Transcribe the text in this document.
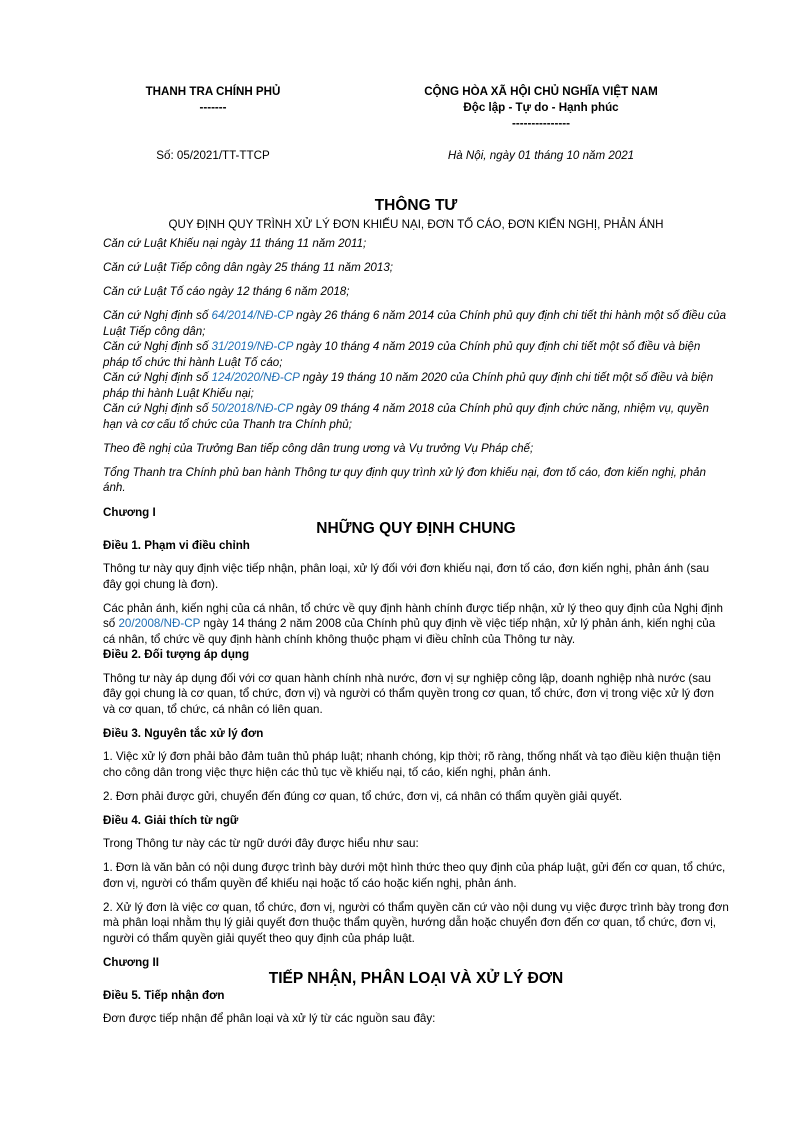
THANH TRA CHÍNH PHỦ
-------
CỘNG HÒA XÃ HỘI CHỦ NGHĨA VIỆT NAM
Độc lập - Tự do - Hạnh phúc
---------------
Số: 05/2021/TT-TTCP	Hà Nội, ngày 01 tháng 10 năm 2021
THÔNG TƯ
QUY ĐỊNH QUY TRÌNH XỬ LÝ ĐƠN KHIẾU NẠI, ĐƠN TỐ CÁO, ĐƠN KIẾN NGHỊ, PHẢN ÁNH

Căn cứ Luật Khiếu nại ngày 11 tháng 11 năm 2011;

Căn cứ Luật Tiếp công dân ngày 25 tháng 11 năm 2013;

Căn cứ Luật Tố cáo ngày 12 tháng 6 năm 2018;

Căn cứ Nghị định số 64/2014/NĐ-CP ngày 26 tháng 6 năm 2014 của Chính phủ quy định chi tiết thi hành một số điều của Luật Tiếp công dân;

Căn cứ Nghị định số 31/2019/NĐ-CP ngày 10 tháng 4 năm 2019 của Chính phủ quy định chi tiết một số điều và biện pháp tổ chức thi hành Luật Tố cáo;

Căn cứ Nghị định số 124/2020/NĐ-CP ngày 19 tháng 10 năm 2020 của Chính phủ quy định chi tiết một số điều và biện pháp thi hành Luật Khiếu nại;

Căn cứ Nghị định số 50/2018/NĐ-CP ngày 09 tháng 4 năm 2018 của Chính phủ quy định chức năng, nhiệm vụ, quyền hạn và cơ cấu tổ chức của Thanh tra Chính phủ;

Theo đề nghị của Trưởng Ban tiếp công dân trung ương và Vụ trưởng Vụ Pháp chế;

Tổng Thanh tra Chính phủ ban hành Thông tư quy định quy trình xử lý đơn khiếu nại, đơn tố cáo, đơn kiến nghị, phản ánh.

Chương I
NHỮNG QUY ĐỊNH CHUNG
Điều 1. Phạm vi điều chỉnh

Thông tư này quy định việc tiếp nhận, phân loại, xử lý đối với đơn khiếu nại, đơn tố cáo, đơn kiến nghị, phản ánh (sau đây gọi chung là đơn).

Các phản ánh, kiến nghị của cá nhân, tổ chức về quy định hành chính được tiếp nhận, xử lý theo quy định của Nghị định số 20/2008/NĐ-CP ngày 14 tháng 2 năm 2008 của Chính phủ quy định về việc tiếp nhận, xử lý phản ánh, kiến nghị của cá nhân, tổ chức về quy định hành chính không thuộc phạm vi điều chỉnh của Thông tư này.

Điều 2. Đối tượng áp dụng

Thông tư này áp dụng đối với cơ quan hành chính nhà nước, đơn vị sự nghiệp công lập, doanh nghiệp nhà nước (sau đây gọi chung là cơ quan, tổ chức, đơn vị) và người có thẩm quyền trong cơ quan, tổ chức, đơn vị trong việc xử lý đơn và cơ quan, tổ chức, cá nhân có liên quan.

Điều 3. Nguyên tắc xử lý đơn

1. Việc xử lý đơn phải bảo đảm tuân thủ pháp luật; nhanh chóng, kịp thời; rõ ràng, thống nhất và tạo điều kiện thuận tiện cho công dân trong việc thực hiện các thủ tục về khiếu nại, tố cáo, kiến nghị, phản ánh.

2. Đơn phải được gửi, chuyển đến đúng cơ quan, tổ chức, đơn vị, cá nhân có thẩm quyền giải quyết.

Điều 4. Giải thích từ ngữ

Trong Thông tư này các từ ngữ dưới đây được hiểu như sau:

1. Đơn là văn bản có nội dung được trình bày dưới một hình thức theo quy định của pháp luật, gửi đến cơ quan, tổ chức, đơn vị, người có thẩm quyền để khiếu nại hoặc tố cáo hoặc kiến nghị, phản ánh.

2. Xử lý đơn là việc cơ quan, tổ chức, đơn vị, người có thẩm quyền căn cứ vào nội dung vụ việc được trình bày trong đơn mà phân loại nhằm thụ lý giải quyết đơn thuộc thẩm quyền, hướng dẫn hoặc chuyển đơn đến cơ quan, tổ chức, đơn vị, người có thẩm quyền giải quyết theo quy định của pháp luật.

Chương II
TIẾP NHẬN, PHÂN LOẠI VÀ XỬ LÝ ĐƠN
Điều 5. Tiếp nhận đơn

Đơn được tiếp nhận để phân loại và xử lý từ các nguồn sau đây:
